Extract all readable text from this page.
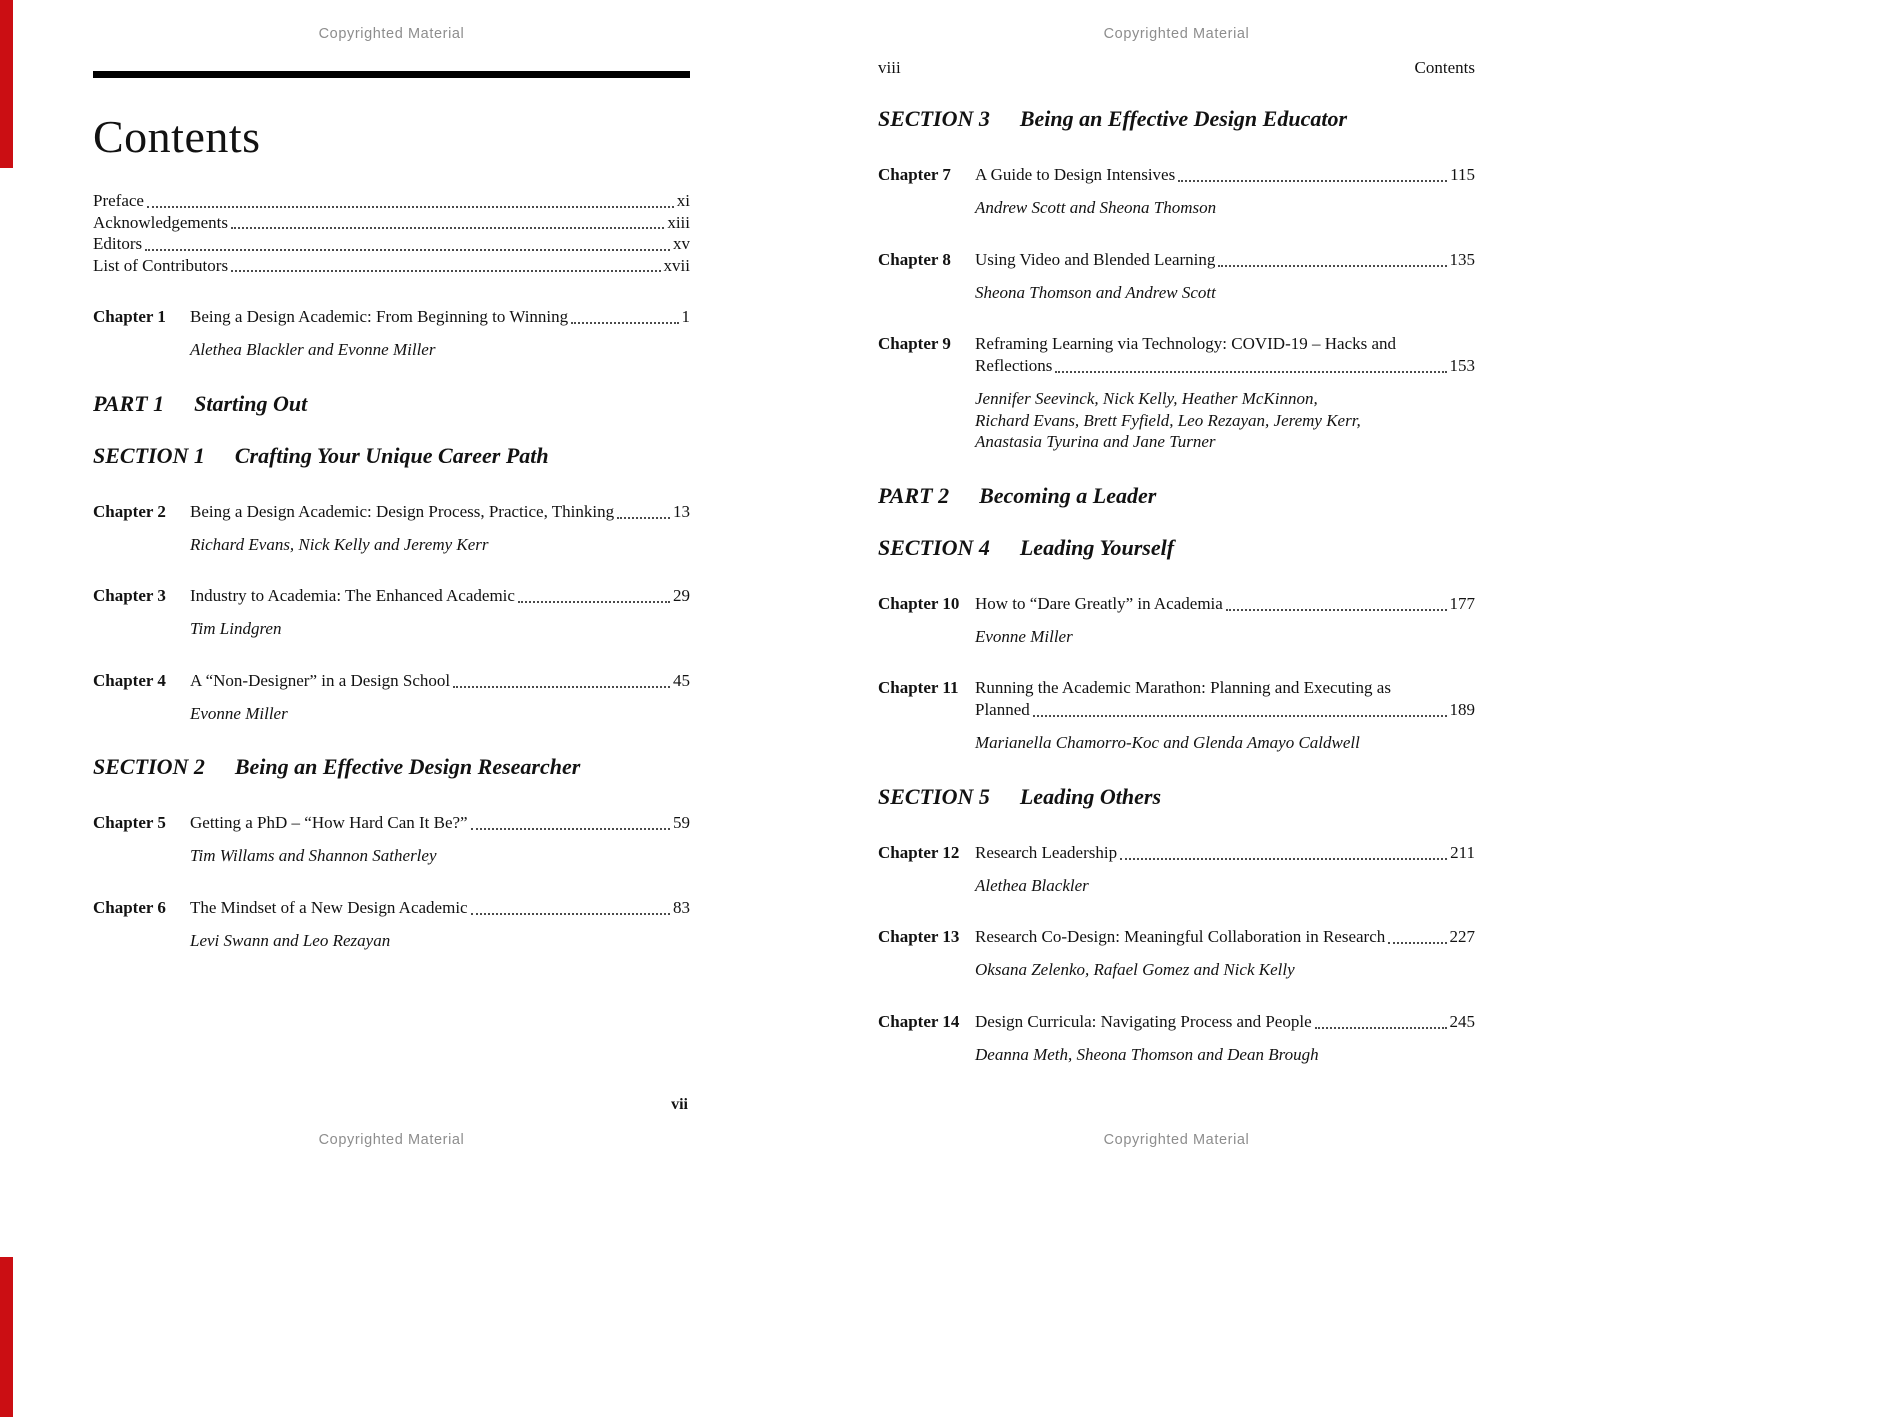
Copyrighted Material
Contents
Preface	xi
Acknowledgements	xiii
Editors	xv
List of Contributors	xvii
Chapter 1	Being a Design Academic: From Beginning to Winning	1
Alethea Blackler and Evonne Miller
PART 1 Starting Out
SECTION 1 Crafting Your Unique Career Path
Chapter 2	Being a Design Academic: Design Process, Practice, Thinking	13
Richard Evans, Nick Kelly and Jeremy Kerr
Chapter 3	Industry to Academia: The Enhanced Academic	29
Tim Lindgren
Chapter 4	A “Non-Designer” in a Design School	45
Evonne Miller
SECTION 2 Being an Effective Design Researcher
Chapter 5	Getting a PhD – “How Hard Can It Be?”	59
Tim Willams and Shannon Satherley
Chapter 6	The Mindset of a New Design Academic	83
Levi Swann and Leo Rezayan
vii
Copyrighted Material
Copyrighted Material
viii	Contents
SECTION 3 Being an Effective Design Educator
Chapter 7	A Guide to Design Intensives	115
Andrew Scott and Sheona Thomson
Chapter 8	Using Video and Blended Learning	135
Sheona Thomson and Andrew Scott
Chapter 9	Reframing Learning via Technology: COVID-19 – Hacks and
Reflections	153
Jennifer Seevinck, Nick Kelly, Heather McKinnon,
Richard Evans, Brett Fyfield, Leo Rezayan, Jeremy Kerr,
Anastasia Tyurina and Jane Turner
PART 2 Becoming a Leader
SECTION 4 Leading Yourself
Chapter 10 How to “Dare Greatly” in Academia	177
Evonne Miller
Chapter 11 Running the Academic Marathon: Planning and Executing as
Planned	189
Marianella Chamorro-Koc and Glenda Amayo Caldwell
SECTION 5 Leading Others
Chapter 12 Research Leadership	211
Alethea Blackler
Chapter 13 Research Co-Design: Meaningful Collaboration in Research	227
Oksana Zelenko, Rafael Gomez and Nick Kelly
Chapter 14 Design Curricula: Navigating Process and People	245
Deanna Meth, Sheona Thomson and Dean Brough
Copyrighted Material
